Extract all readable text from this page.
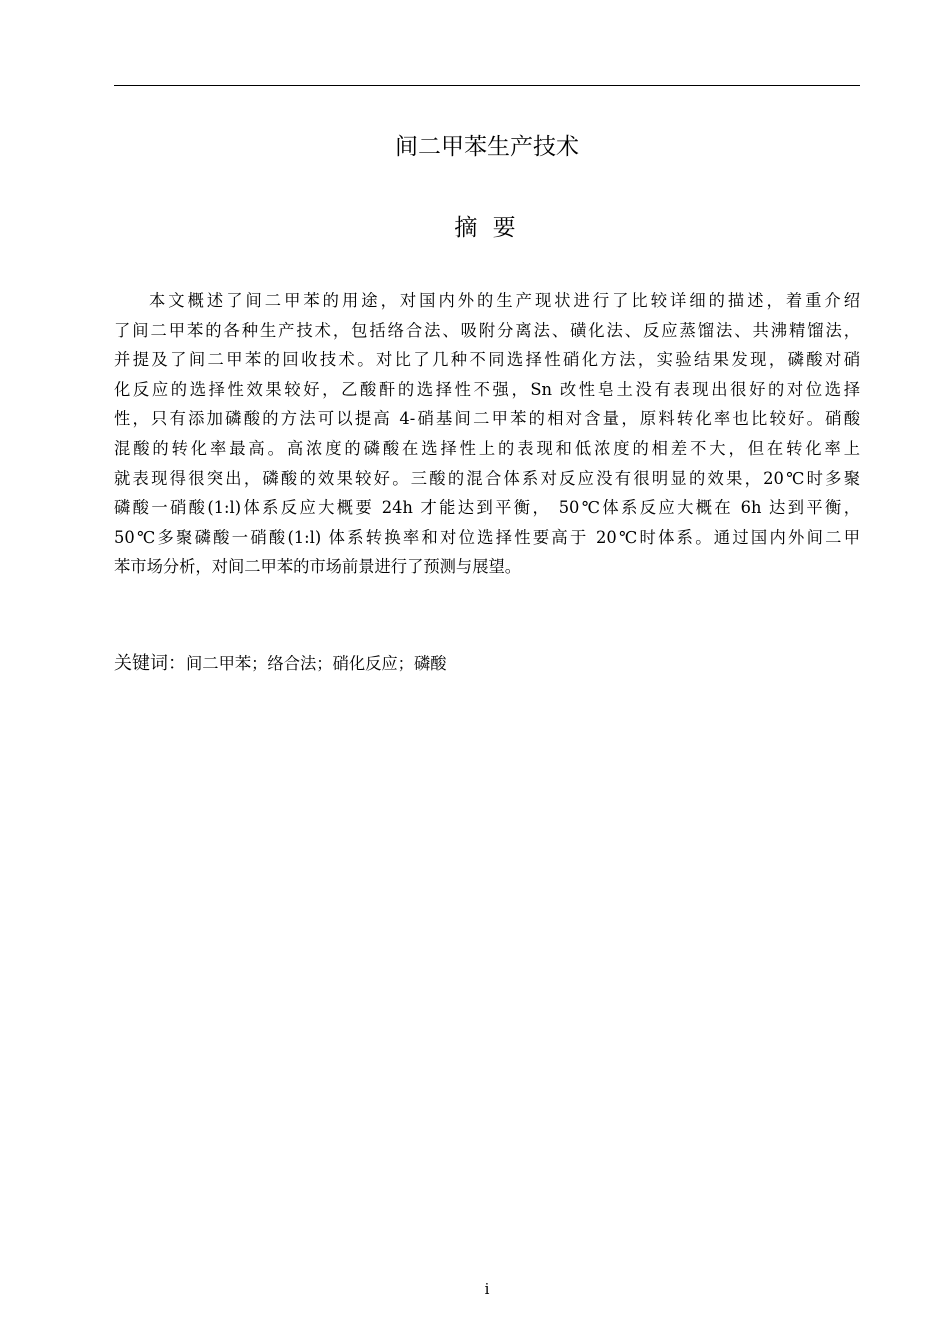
间二甲苯生产技术
摘 要
本文概述了间二甲苯的用途，对国内外的生产现状进行了比较详细的描述，着重介绍
了间二甲苯的各种生产技术，包括络合法、吸附分离法、磺化法、反应蒸馏法、共沸精馏法，
并提及了间二甲苯的回收技术。对比了几种不同选择性硝化方法，实验结果发现，磷酸对硝
化反应的选择性效果较好，乙酸酐的选择性不强，Sn 改性皂土没有表现出很好的对位选择
性，只有添加磷酸的方法可以提高 4-硝基间二甲苯的相对含量，原料转化率也比较好。硝酸
混酸的转化率最高。高浓度的磷酸在选择性上的表现和低浓度的相差不大，但在转化率上
就表现得很突出，磷酸的效果较好。三酸的混合体系对反应没有很明显的效果，20℃时多聚
磷酸一硝酸(1:l)体系反应大概要 24h 才能达到平衡， 50℃体系反应大概在 6h 达到平衡，
50℃多聚磷酸一硝酸(1:l) 体系转换率和对位选择性要高于 20℃时体系。通过国内外间二甲
苯市场分析，对间二甲苯的市场前景进行了预测与展望。
关键词：间二甲苯；络合法；硝化反应；磷酸
i
